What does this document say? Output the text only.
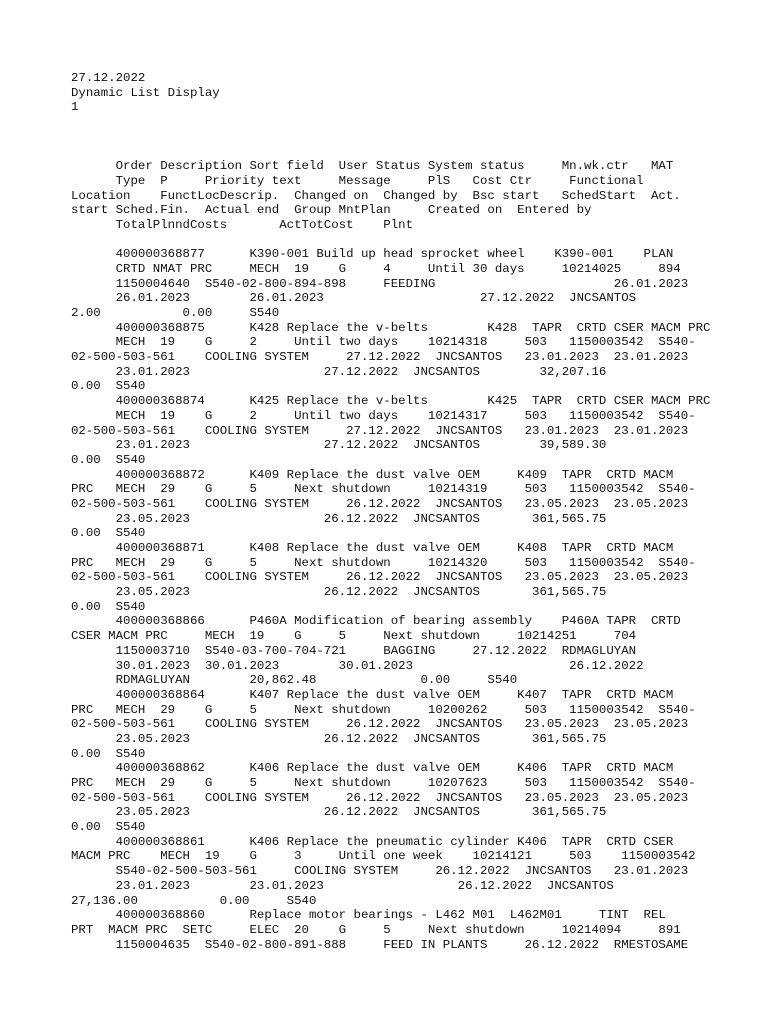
27.12.2022
Dynamic List Display
1
Order Description Sort field  User Status System status     Mn.wk.ctr   MAT
Type  P     Priority text     Message     PlS   Cost Ctr     Functional
Location    FunctLocDescrip.  Changed on  Changed by  Bsc start   SchedStart  Act.
start Sched.Fin.  Actual end  Group MntPlan     Created on  Entered by
TotalPlnndCosts       ActTotCost    Plnt
400000368877      K390-001 Build up head sprocket wheel    K390-001    PLAN
CRTD NMAT PRC     MECH  19    G     4     Until 30 days     10214025     894
1150004640  S540-02-800-894-898     FEEDING                        26.01.2023
26.01.2023        26.01.2023                     27.12.2022  JNCSANTOS
2.00           0.00     S540
400000368875      K428 Replace the v-belts        K428  TAPR  CRTD CSER MACM PRC
MECH  19    G     2     Until two days    10214318     503   1150003542  S540-
02-500-503-561    COOLING SYSTEM     27.12.2022  JNCSANTOS   23.01.2023  23.01.2023
23.01.2023                  27.12.2022  JNCSANTOS        32,207.16
0.00  S540
400000368874      K425 Replace the v-belts        K425  TAPR  CRTD CSER MACM PRC
MECH  19    G     2     Until two days    10214317     503   1150003542  S540-
02-500-503-561    COOLING SYSTEM     27.12.2022  JNCSANTOS   23.01.2023  23.01.2023
23.01.2023                  27.12.2022  JNCSANTOS        39,589.30
0.00  S540
400000368872      K409 Replace the dust valve OEM     K409  TAPR  CRTD MACM
PRC   MECH  29    G     5     Next shutdown     10214319     503   1150003542  S540-
02-500-503-561    COOLING SYSTEM     26.12.2022  JNCSANTOS   23.05.2023  23.05.2023
23.05.2023                  26.12.2022  JNCSANTOS       361,565.75
0.00  S540
400000368871      K408 Replace the dust valve OEM     K408  TAPR  CRTD MACM
PRC   MECH  29    G     5     Next shutdown     10214320     503   1150003542  S540-
02-500-503-561    COOLING SYSTEM     26.12.2022  JNCSANTOS   23.05.2023  23.05.2023
23.05.2023                  26.12.2022  JNCSANTOS       361,565.75
0.00  S540
400000368866      P460A Modification of bearing assembly    P460A TAPR  CRTD
CSER MACM PRC     MECH  19    G     5     Next shutdown     10214251     704
1150003710  S540-03-700-704-721     BAGGING     27.12.2022  RDMAGLUYAN
30.01.2023  30.01.2023        30.01.2023                     26.12.2022
RDMAGLUYAN        20,862.48              0.00     S540
400000368864      K407 Replace the dust valve OEM     K407  TAPR  CRTD MACM
PRC   MECH  29    G     5     Next shutdown     10200262     503   1150003542  S540-
02-500-503-561    COOLING SYSTEM     26.12.2022  JNCSANTOS   23.05.2023  23.05.2023
23.05.2023                  26.12.2022  JNCSANTOS       361,565.75
0.00  S540
400000368862      K406 Replace the dust valve OEM     K406  TAPR  CRTD MACM
PRC   MECH  29    G     5     Next shutdown     10207623     503   1150003542  S540-
02-500-503-561    COOLING SYSTEM     26.12.2022  JNCSANTOS   23.05.2023  23.05.2023
23.05.2023                  26.12.2022  JNCSANTOS       361,565.75
0.00  S540
400000368861      K406 Replace the pneumatic cylinder K406  TAPR  CRTD CSER
MACM PRC    MECH  19    G     3     Until one week    10214121     503    1150003542
S540-02-500-503-561     COOLING SYSTEM     26.12.2022  JNCSANTOS   23.01.2023
23.01.2023        23.01.2023                  26.12.2022  JNCSANTOS
27,136.00           0.00     S540
400000368860      Replace motor bearings - L462 M01  L462M01     TINT  REL
PRT  MACM PRC  SETC     ELEC  20    G     5     Next shutdown     10214094     891
1150004635  S540-02-800-891-888     FEED IN PLANTS     26.12.2022  RMESTOSAME
